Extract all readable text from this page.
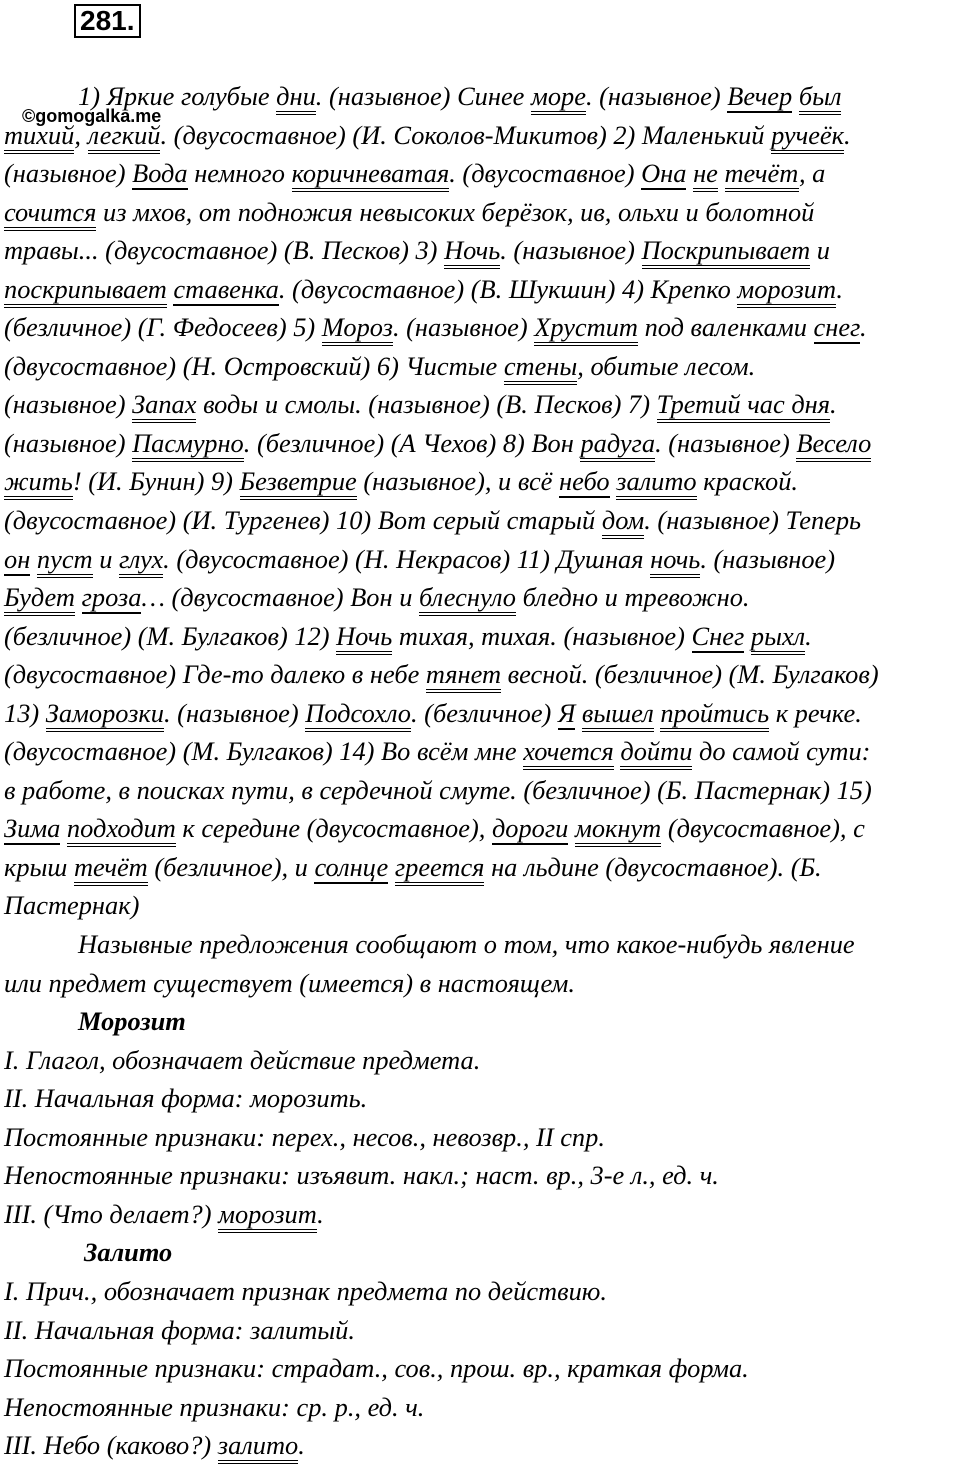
281.
©gomogalka.me
1) Яркие голубые дни. (назывное) Синее море. (назывное) Вечер был
тихий, легкий. (двусоставное) (И. Соколов-Микитов) 2) Маленький ручеёк.
(назывное) Вода немного коричневатая. (двусоставное) Она не течёт, а
сочится из мхов, от подножия невысоких берёзок, ив, ольхи и болотной
травы... (двусоставное) (В. Песков) 3) Ночь. (назывное) Поскрипывает и
поскрипывает ставенка. (двусоставное) (В. Шукшин) 4) Крепко морозит.
(безличное) (Г. Федосеев) 5) Мороз. (назывное) Хрустит под валенками снег.
(двусоставное) (Н. Островский) 6) Чистые стены, обитые лесом.
(назывное) Запах воды и смолы. (назывное) (В. Песков) 7) Третий час дня.
(назывное) Пасмурно. (безличное) (А Чехов) 8) Вон радуга. (назывное) Весело
жить! (И. Бунин) 9) Безветрие (назывное), и всё небо залито краской.
(двусоставное) (И. Тургенев) 10) Вот серый старый дом. (назывное) Теперь
он пуст и глух. (двусоставное) (Н. Некрасов) 11) Душная ночь. (назывное)
Будет гроза… (двусоставное) Вон и блеснуло бледно и тревожно.
(безличное) (М. Булгаков) 12) Ночь тихая, тихая. (назывное) Снег рыхл.
(двусоставное) Где-то далеко в небе тянет весной. (безличное) (М. Булгаков)
13) Заморозки. (назывное) Подсохло. (безличное) Я вышел пройтись к речке.
(двусоставное) (М. Булгаков) 14) Во всём мне хочется дойти до самой сути:
в работе, в поисках пути, в сердечной смуте. (безличное) (Б. Пастернак) 15)
Зима подходит к середине (двусоставное), дороги мокнут (двусоставное), с
крыш течёт (безличное), и солнце греется на льдине (двусоставное). (Б.
Пастернак)
Назывные предложения сообщают о том, что какое-нибудь явление
или предмет существует (имеется) в настоящем.
Морозит
I. Глагол, обозначает действие предмета.
II. Начальная форма: морозить.
Постоянные признаки: перех., несов., невозвр., II спр.
Непостоянные признаки: изъявит. накл.; наст. вр., 3-е л., ед. ч.
III. (Что делает?) морозит.
Залито
I. Прич., обозначает признак предмета по действию.
II. Начальная форма: залитый.
Постоянные признаки: страдат., сов., прош. вр., краткая форма.
Непостоянные признаки: ср. р., ед. ч.
III. Небо (каково?) залито.
